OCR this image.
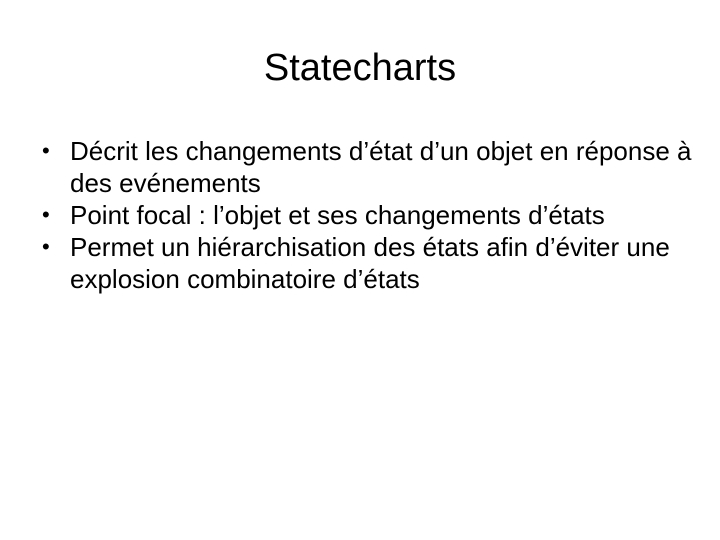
Statecharts
• Décrit les changements d’état d’un objet en réponse à des evénements
• Point focal : l’objet et ses changements d’états
• Permet un hiérarchisation des états afin d’éviter une explosion combinatoire d’états
